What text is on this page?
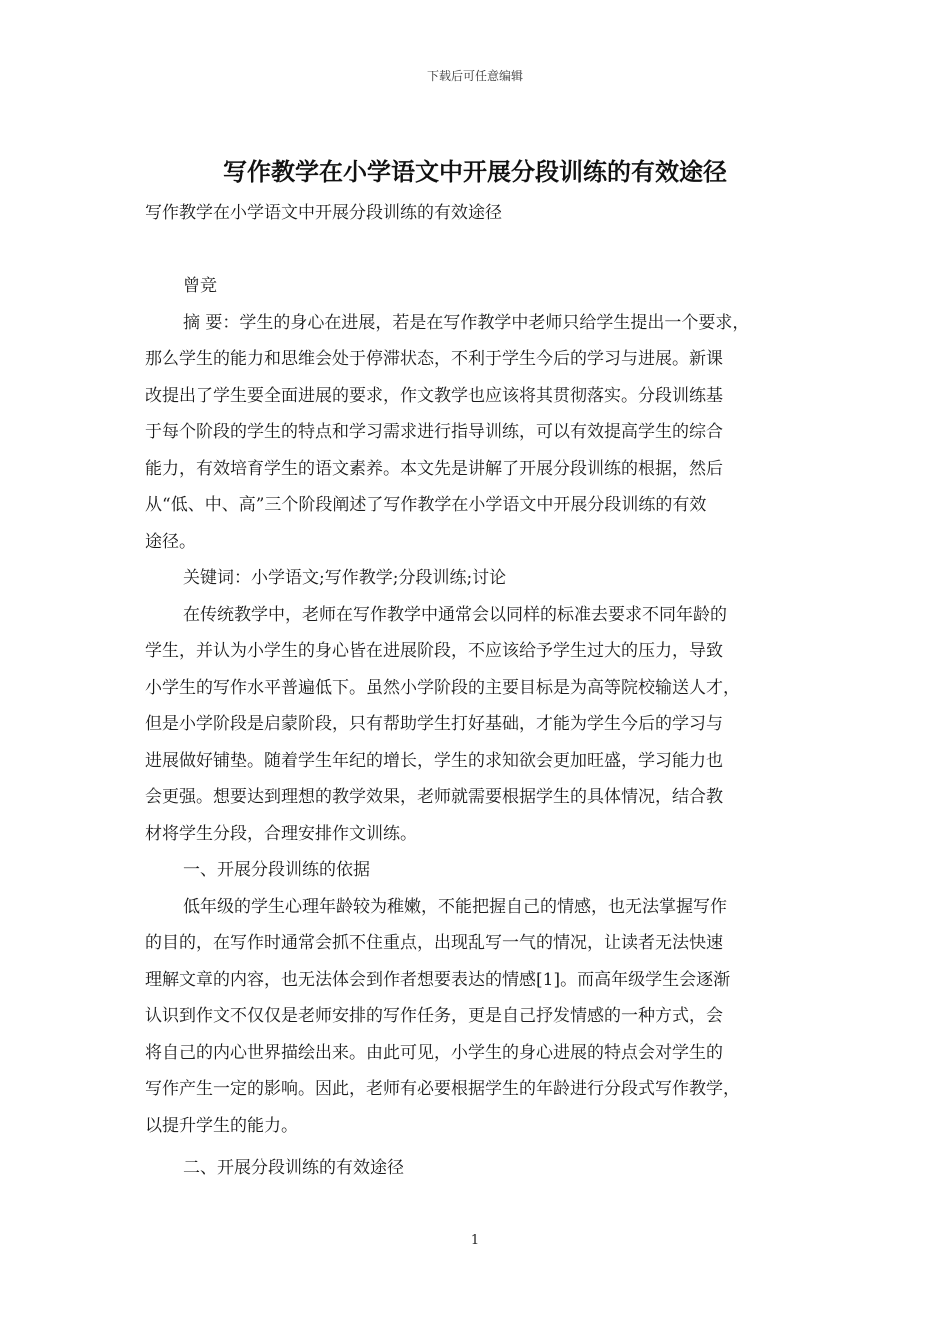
下载后可任意编辑
写作教学在小学语文中开展分段训练的有效途径
写作教学在小学语文中开展分段训练的有效途径
曾竞
摘 要：学生的身心在进展，若是在写作教学中老师只给学生提出一个要求，
那么学生的能力和思维会处于停滞状态，不利于学生今后的学习与进展。新课
改提出了学生要全面进展的要求，作文教学也应该将其贯彻落实。分段训练基
于每个阶段的学生的特点和学习需求进行指导训练，可以有效提高学生的综合
能力，有效培育学生的语文素养。本文先是讲解了开展分段训练的根据，然后
从“低、中、高”三个阶段阐述了写作教学在小学语文中开展分段训练的有效
途径。
关键词：小学语文;写作教学;分段训练;讨论
在传统教学中，老师在写作教学中通常会以同样的标准去要求不同年龄的
学生，并认为小学生的身心皆在进展阶段，不应该给予学生过大的压力，导致
小学生的写作水平普遍低下。虽然小学阶段的主要目标是为高等院校输送人才，
但是小学阶段是启蒙阶段，只有帮助学生打好基础，才能为学生今后的学习与
进展做好铺垫。随着学生年纪的增长，学生的求知欲会更加旺盛，学习能力也
会更强。想要达到理想的教学效果，老师就需要根据学生的具体情况，结合教
材将学生分段，合理安排作文训练。
一、开展分段训练的依据
低年级的学生心理年龄较为稚嫩，不能把握自己的情感，也无法掌握写作
的目的，在写作时通常会抓不住重点，出现乱写一气的情况，让读者无法快速
理解文章的内容，也无法体会到作者想要表达的情感[1]。而高年级学生会逐渐
认识到作文不仅仅是老师安排的写作任务，更是自己抒发情感的一种方式，会
将自己的内心世界描绘出来。由此可见，小学生的身心进展的特点会对学生的
写作产生一定的影响。因此，老师有必要根据学生的年龄进行分段式写作教学，
以提升学生的能力。
二、开展分段训练的有效途径
1
